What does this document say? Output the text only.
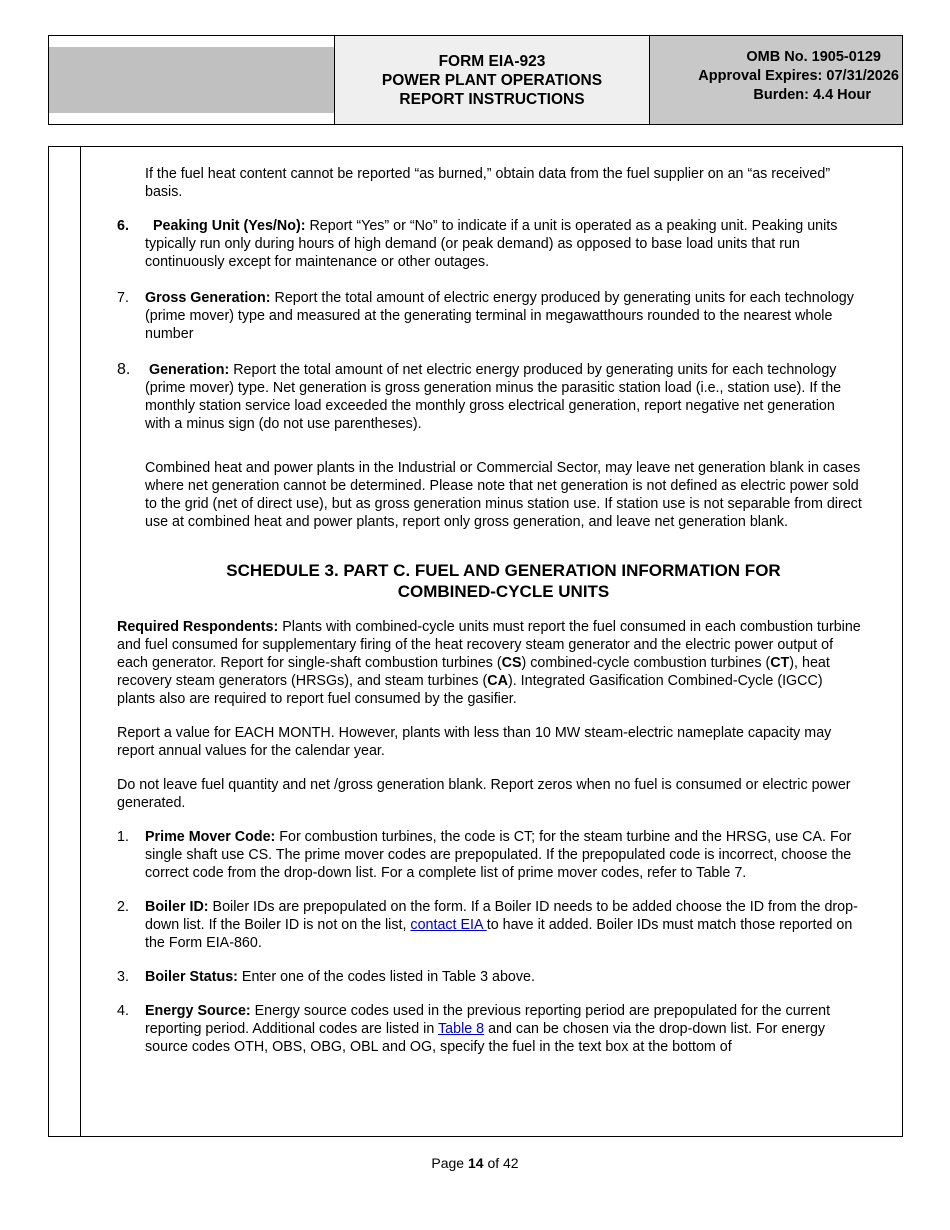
FORM EIA-923
POWER PLANT OPERATIONS
REPORT INSTRUCTIONS
OMB No. 1905-0129
Approval Expires: 07/31/2026
Burden: 4.4 Hour

If the fuel heat content cannot be reported “as burned,” obtain data from the fuel supplier on an “as received” basis.

6.	Peaking Unit (Yes/No): Report “Yes” or “No” to indicate if a unit is operated as a peaking unit. Peaking units typically run only during hours of high demand (or peak demand) as opposed to base load units that run continuously except for maintenance or other outages.

7. Gross Generation: Report the total amount of electric energy produced by generating units for each technology (prime mover) type and measured at the generating terminal in megawatthours rounded to the nearest whole number

8. Generation: Report the total amount of net electric energy produced by generating units for each technology (prime mover) type. Net generation is gross generation minus the parasitic station load (i.e., station use). If the monthly station service load exceeded the monthly gross electrical generation, report negative net generation with a minus sign (do not use parentheses).

Combined heat and power plants in the Industrial or Commercial Sector, may leave net generation blank in cases where net generation cannot be determined. Please note that net generation is not defined as electric power sold to the grid (net of direct use), but as gross generation minus station use. If station use is not separable from direct use at combined heat and power plants, report only gross generation, and leave net generation blank.

SCHEDULE 3. PART C. FUEL AND GENERATION INFORMATION FOR
COMBINED-CYCLE UNITS

Required Respondents: Plants with combined-cycle units must report the fuel consumed in each combustion turbine and fuel consumed for supplementary firing of the heat recovery steam generator and the electric power output of each generator. Report for single-shaft combustion turbines (CS) combined-cycle combustion turbines (CT), heat recovery steam generators (HRSGs), and steam turbines (CA). Integrated Gasification Combined-Cycle (IGCC) plants also are required to report fuel consumed by the gasifier.

Report a value for EACH MONTH. However, plants with less than 10 MW steam-electric nameplate capacity may report annual values for the calendar year.

Do not leave fuel quantity and net /gross generation blank. Report zeros when no fuel is consumed or electric power generated.

1. Prime Mover Code: For combustion turbines, the code is CT; for the steam turbine and the HRSG, use CA. For single shaft use CS. The prime mover codes are prepopulated. If the prepopulated code is incorrect, choose the correct code from the drop-down list. For a complete list of prime mover codes, refer to Table 7.

2. Boiler ID: Boiler IDs are prepopulated on the form. If a Boiler ID needs to be added choose the ID from the drop-down list. If the Boiler ID is not on the list, contact EIA to have it added. Boiler IDs must match those reported on the Form EIA-860.

3. Boiler Status: Enter one of the codes listed in Table 3 above.

4. Energy Source: Energy source codes used in the previous reporting period are prepopulated for the current reporting period. Additional codes are listed in Table 8 and can be chosen via the drop-down list. For energy source codes OTH, OBS, OBG, OBL and OG, specify the fuel in the text box at the bottom of

Page 14 of 42
